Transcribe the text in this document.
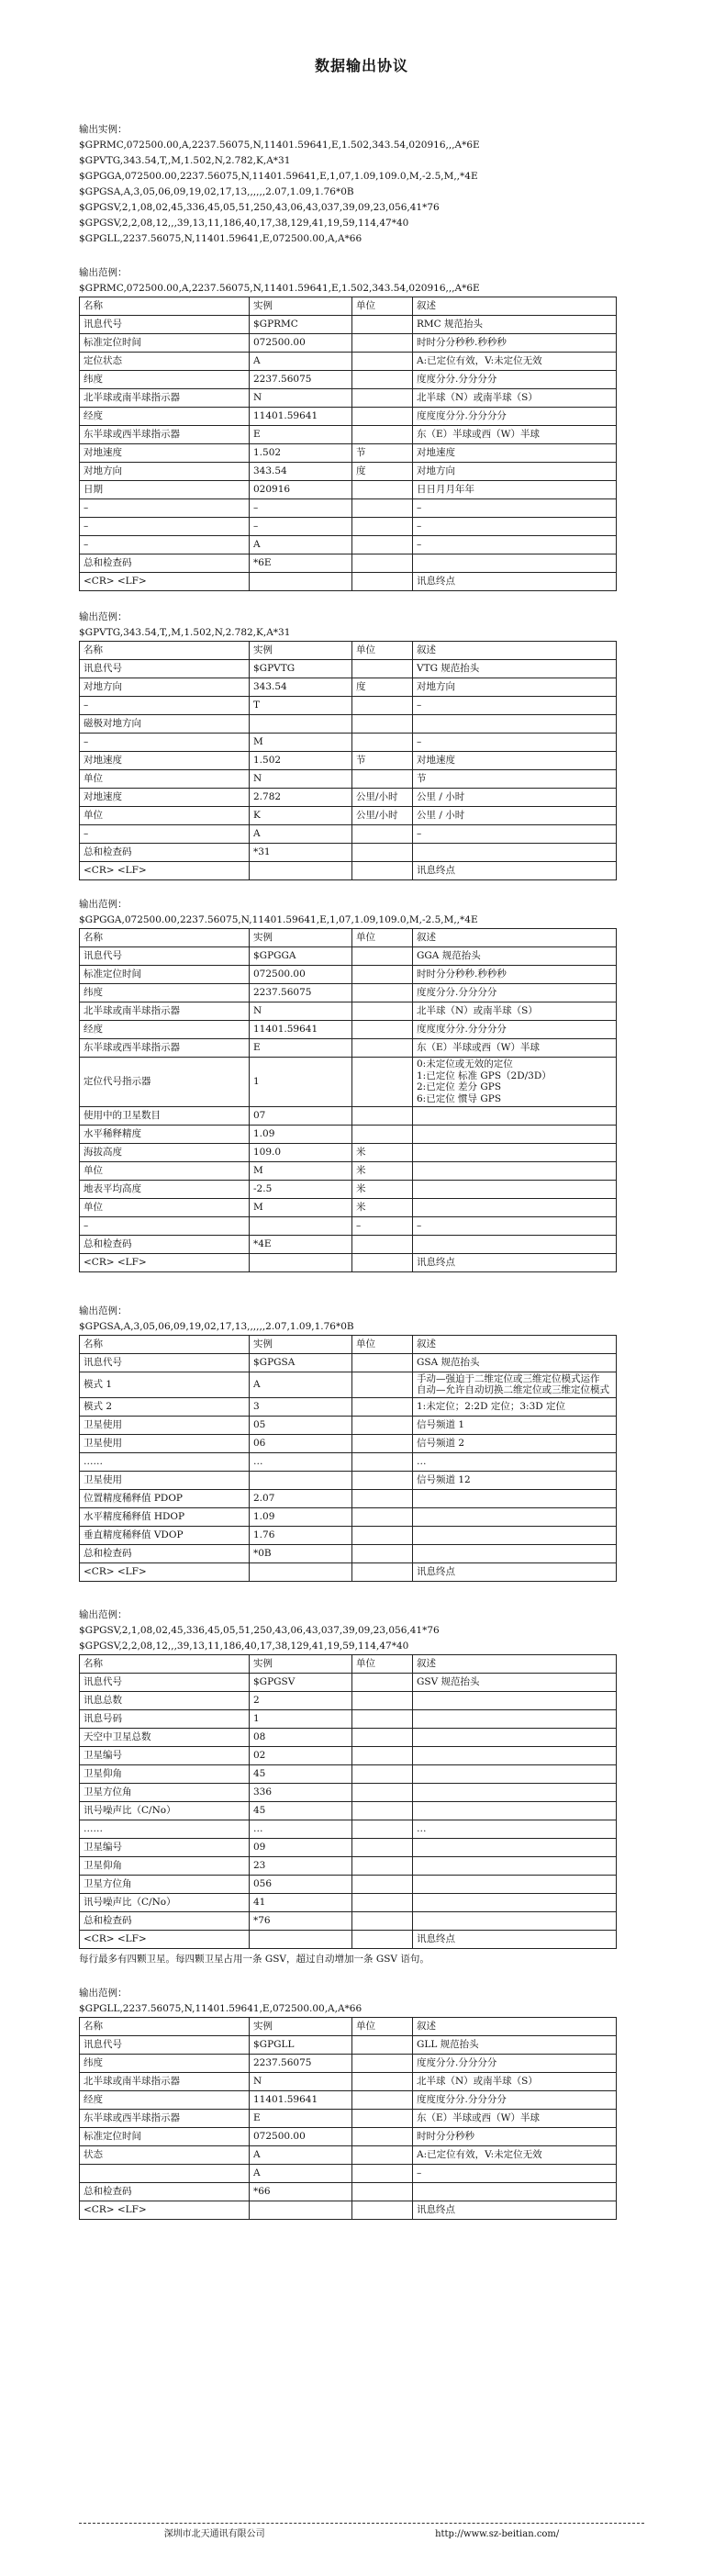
数据输出协议

输出实例：

$GPRMC,072500.00,A,2237.56075,N,11401.59641,E,1.502,343.54,020916,,,A*6E

$GPVTG,343.54,T,,M,1.502,N,2.782,K,A*31

$GPGGA,072500.00,2237.56075,N,11401.59641,E,1,07,1.09,109.0,M,-2.5,M,,*4E

$GPGSA,A,3,05,06,09,19,02,17,13,,,,,,2.07,1.09,1.76*0B

$GPGSV,2,1,08,02,45,336,45,05,51,250,43,06,43,037,39,09,23,056,41*76

$GPGSV,2,2,08,12,,,39,13,11,186,40,17,38,129,41,19,59,114,47*40

$GPGLL,2237.56075,N,11401.59641,E,072500.00,A,A*66

输出范例：

$GPRMC,072500.00,A,2237.56075,N,11401.59641,E,1.502,343.54,020916,,,A*6E

名称	实例	单位	叙述
讯息代号	$GPRMC		RMC 规范抬头
标准定位时间	072500.00		时时分分秒秒.秒秒秒
定位状态	A		A:已定位有效，V:未定位无效
纬度	2237.56075		度度分分.分分分分
北半球或南半球指示器	N		北半球（N）或南半球（S）
经度	11401.59641		度度度分分.分分分分
东半球或西半球指示器	E		东（E）半球或西（W）半球
对地速度	1.502	节	对地速度
对地方向	343.54	度	对地方向
日期	020916		日日月月年年
–	–		–
–	–		–
–	A		–
总和检查码	*6E		
<CR> <LF>			讯息终点

输出范例：

$GPVTG,343.54,T,,M,1.502,N,2.782,K,A*31

名称	实例	单位	叙述
讯息代号	$GPVTG		VTG 规范抬头
对地方向	343.54	度	对地方向
–	T		–
磁极对地方向			
–	M		–
对地速度	1.502	节	对地速度
单位	N		节
对地速度	2.782	公里/小时	公里 / 小时
单位	K	公里/小时	公里 / 小时
–	A		–
总和检查码	*31		
<CR> <LF>			讯息终点

输出范例：

$GPGGA,072500.00,2237.56075,N,11401.59641,E,1,07,1.09,109.0,M,-2.5,M,,*4E

名称	实例	单位	叙述
讯息代号	$GPGGA		GGA 规范抬头
标准定位时间	072500.00		时时分分秒秒.秒秒秒
纬度	2237.56075		度度分分.分分分分
北半球或南半球指示器	N		北半球（N）或南半球（S）
经度	11401.59641		度度度分分.分分分分
东半球或西半球指示器	E		东（E）半球或西（W）半球
定位代号指示器	1		0:未定位或无效的定位
1:已定位 标准 GPS（2D/3D）
2:已定位 差分 GPS
6:已定位 惯导 GPS
使用中的卫星数目	07		
水平稀释精度	1.09		
海拔高度	109.0	米	
单位	M	米	
地表平均高度	-2.5	米	
单位	M	米	
–		–	–
总和检查码	*4E		
<CR> <LF>			讯息终点

输出范例：

$GPGSA,A,3,05,06,09,19,02,17,13,,,,,,2.07,1.09,1.76*0B

名称	实例	单位	叙述
讯息代号	$GPGSA		GSA 规范抬头
模式 1	A		手动—强迫于二维定位或三维定位模式运作
自动—允许自动切换二维定位或三维定位模式
模式 2	3		1:未定位；2:2D 定位；3:3D 定位
卫星使用	05		信号频道 1
卫星使用	06		信号频道 2
……	…		…
卫星使用			信号频道 12
位置精度稀释值 PDOP	2.07		
水平精度稀释值 HDOP	1.09		
垂直精度稀释值 VDOP	1.76		
总和检查码	*0B		
<CR> <LF>			讯息终点

输出范例：

$GPGSV,2,1,08,02,45,336,45,05,51,250,43,06,43,037,39,09,23,056,41*76

$GPGSV,2,2,08,12,,,39,13,11,186,40,17,38,129,41,19,59,114,47*40

名称	实例	单位	叙述
讯息代号	$GPGSV		GSV 规范抬头
讯息总数	2		
讯息号码	1		
天空中卫星总数	08		
卫星编号	02		
卫星仰角	45		
卫星方位角	336		
讯号噪声比（C/No）	45		
……	…		…
卫星编号	09		
卫星仰角	23		
卫星方位角	056		
讯号噪声比（C/No）	41		
总和检查码	*76		
<CR> <LF>			讯息终点

每行最多有四颗卫星。每四颗卫星占用一条 GSV，超过自动增加一条 GSV 语句。

输出范例：

$GPGLL,2237.56075,N,11401.59641,E,072500.00,A,A*66

名称	实例	单位	叙述
讯息代号	$GPGLL		GLL 规范抬头
纬度	2237.56075		度度分分.分分分分
北半球或南半球指示器	N		北半球（N）或南半球（S）
经度	11401.59641		度度度分分.分分分分
东半球或西半球指示器	E		东（E）半球或西（W）半球
标准定位时间	072500.00		时时分分秒秒
状态	A		A:已定位有效，V:未定位无效
	A		–
总和检查码	*66		
<CR> <LF>			讯息终点
深圳市北天通讯有限公司	http://www.sz-beitian.com/
